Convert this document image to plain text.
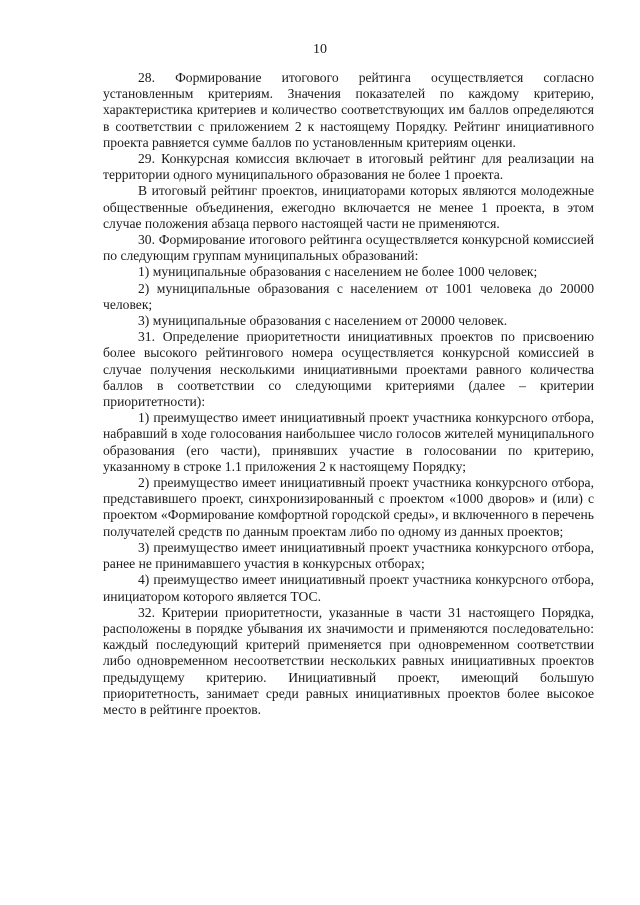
10

28. Формирование итогового рейтинга осуществляется согласно установленным критериям. Значения показателей по каждому критерию, характеристика критериев и количество соответствующих им баллов определяются в соответствии с приложением 2 к настоящему Порядку. Рейтинг инициативного проекта равняется сумме баллов по установленным критериям оценки.

29. Конкурсная комиссия включает в итоговый рейтинг для реализации на территории одного муниципального образования не более 1 проекта.

В итоговый рейтинг проектов, инициаторами которых являются молодежные общественные объединения, ежегодно включается не менее 1 проекта, в этом случае положения абзаца первого настоящей части не применяются.

30. Формирование итогового рейтинга осуществляется конкурсной комиссией по следующим группам муниципальных образований:

1) муниципальные образования с населением не более 1000 человек;

2) муниципальные образования с населением от 1001 человека до 20000 человек;

3) муниципальные образования с населением от 20000 человек.

31. Определение приоритетности инициативных проектов по присвоению более высокого рейтингового номера осуществляется конкурсной комиссией в случае получения несколькими инициативными проектами равного количества баллов в соответствии со следующими критериями (далее – критерии приоритетности):

1) преимущество имеет инициативный проект участника конкурсного отбора, набравший в ходе голосования наибольшее число голосов жителей муниципального образования (его части), принявших участие в голосовании по критерию, указанному в строке 1.1 приложения 2 к настоящему Порядку;

2) преимущество имеет инициативный проект участника конкурсного отбора, представившего проект, синхронизированный с проектом «1000 дворов» и (или) с проектом «Формирование комфортной городской среды», и включенного в перечень получателей средств по данным проектам либо по одному из данных проектов;

3) преимущество имеет инициативный проект участника конкурсного отбора, ранее не принимавшего участия в конкурсных отборах;

4) преимущество имеет инициативный проект участника конкурсного отбора, инициатором которого является ТОС.

32. Критерии приоритетности, указанные в части 31 настоящего Порядка, расположены в порядке убывания их значимости и применяются последовательно: каждый последующий критерий применяется при одновременном соответствии либо одновременном несоответствии нескольких равных инициативных проектов предыдущему критерию. Инициативный проект, имеющий большую приоритетность, занимает среди равных инициативных проектов более высокое место в рейтинге проектов.
